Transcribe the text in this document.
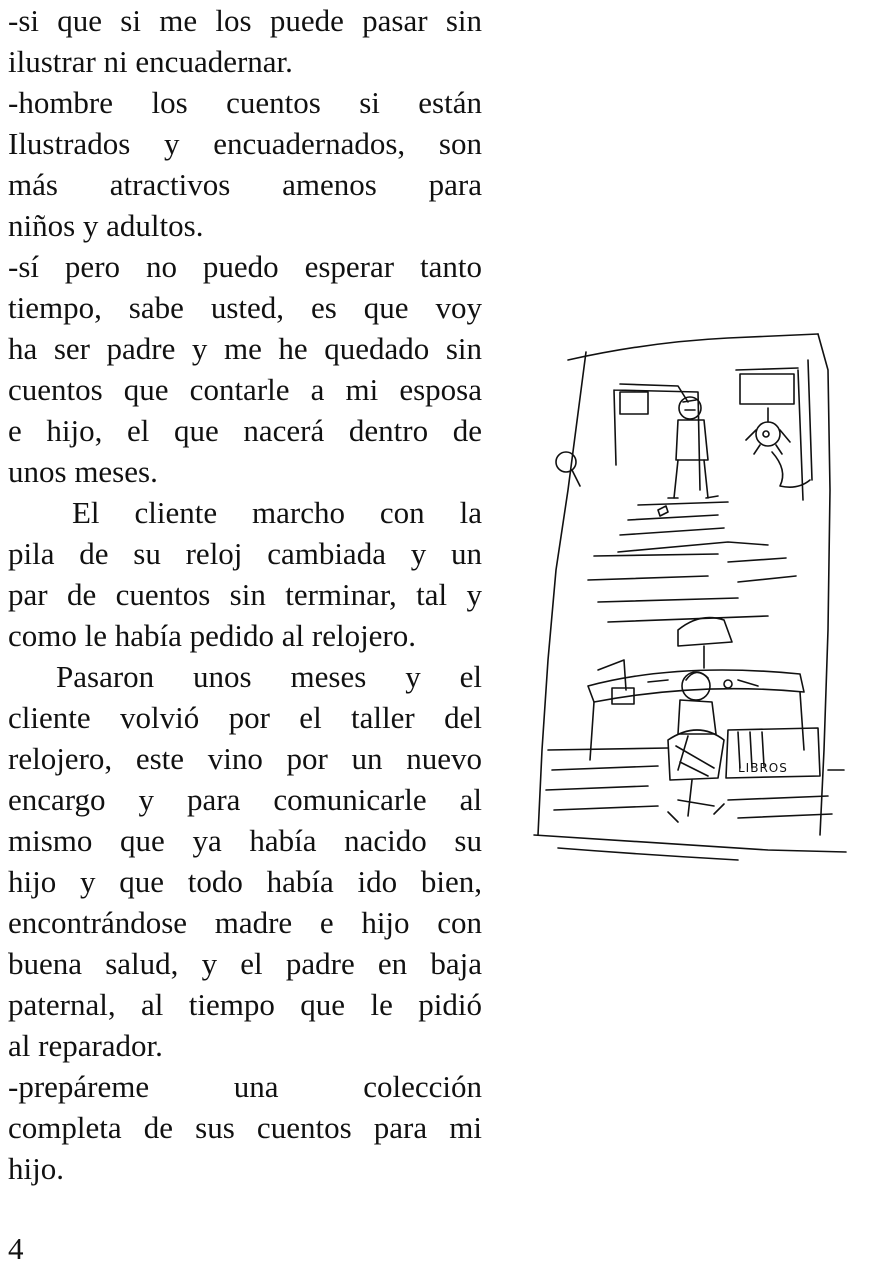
-si que si me los puede pasar sin
ilustrar ni encuadernar.
-hombre los cuentos si están
Ilustrados y encuadernados, son
más atractivos amenos para
niños y adultos.
-sí pero no puedo esperar tanto
tiempo, sabe usted, es que voy
ha ser padre y me he quedado sin
cuentos que contarle a mi esposa
e hijo, el que nacerá dentro de
unos meses.
El cliente marcho con la
pila de su reloj cambiada y un
par de cuentos sin terminar, tal y
como le había pedido al relojero.
Pasaron unos meses y el
cliente volvió por el taller del
relojero, este vino por un nuevo
encargo y para comunicarle al
mismo que ya había nacido su
hijo y que todo había ido bien,
encontrándose madre e hijo con
buena salud, y el padre en baja
paternal, al tiempo que le pidió
al reparador.
-prepáreme una colección
completa de sus cuentos para mi
hijo.
4
LIBROS
